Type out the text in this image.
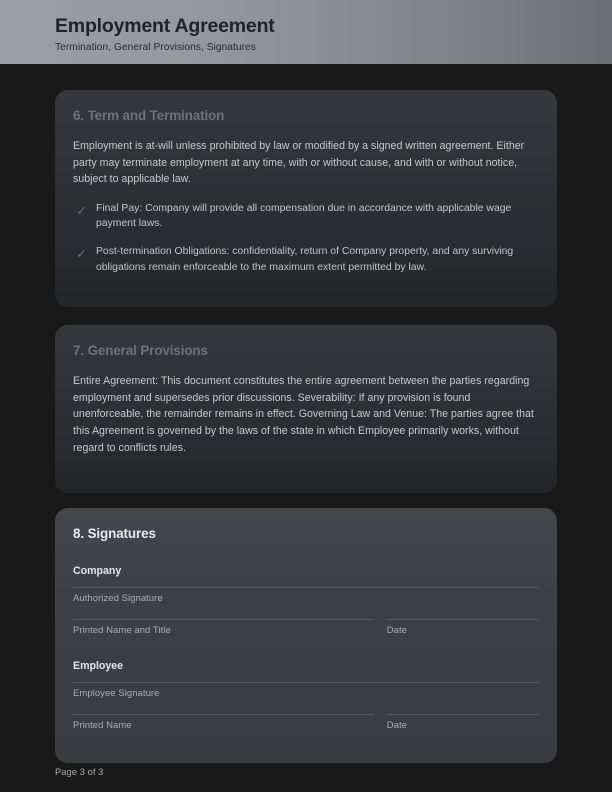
Employment Agreement
Termination, General Provisions, Signatures
6. Term and Termination
Employment is at-will unless prohibited by law or modified by a signed written agreement. Either party may terminate employment at any time, with or without cause, and with or without notice, subject to applicable law.
✓ Final Pay: Company will provide all compensation due in accordance with applicable wage payment laws.
✓ Post-termination Obligations: confidentiality, return of Company property, and any surviving obligations remain enforceable to the maximum extent permitted by law.
7. General Provisions
Entire Agreement: This document constitutes the entire agreement between the parties regarding employment and supersedes prior discussions. Severability: If any provision is found unenforceable, the remainder remains in effect. Governing Law and Venue: The parties agree that this Agreement is governed by the laws of the state in which Employee primarily works, without regard to conflicts rules.
8. Signatures
Company
Authorized Signature
Printed Name and Title	Date
Employee
Employee Signature
Printed Name	Date
Page 3 of 3
